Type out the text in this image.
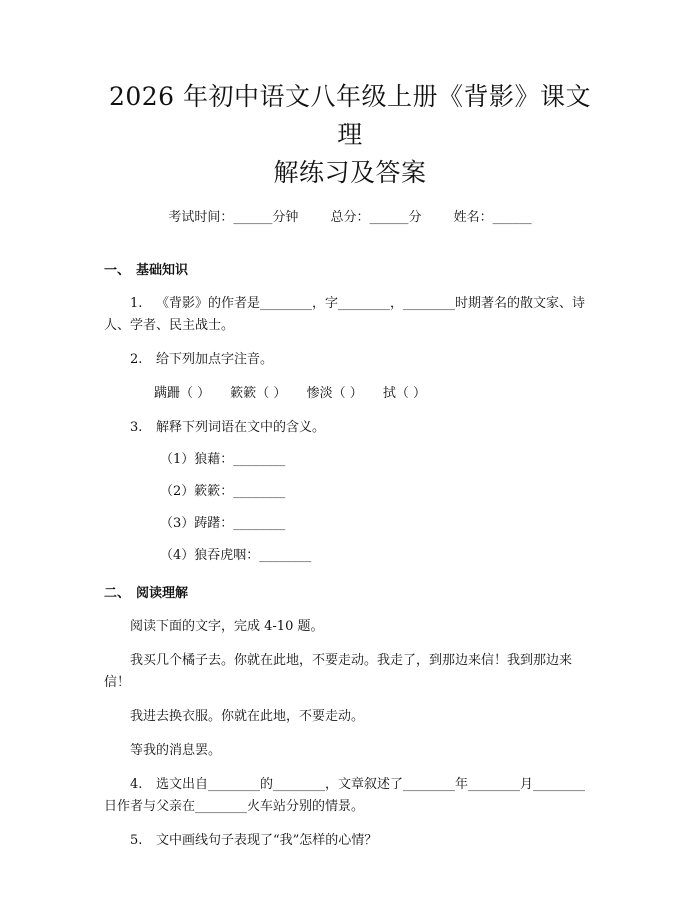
2026 年初中语文八年级上册《背影》课文理
解练习及答案
考试时间：______分钟 总分：______分 姓名：______
一、 基础知识
1. 《背影》的作者是________，字________，________时期著名的散文家、诗人、学者、民主战士。
2. 给下列加点字注音。
蹒跚（ ） 簌簌（ ） 惨淡（ ） 拭（ ）
3. 解释下列词语在文中的含义。
（1）狼藉：________
（2）簌簌：________
（3）踌躇：________
（4）狼吞虎咽：________
二、 阅读理解
阅读下面的文字，完成 4-10 题。
我买几个橘子去。你就在此地，不要走动。我走了，到那边来信！我到那边来信！
我进去换衣服。你就在此地，不要走动。
等我的消息罢。
4. 选文出自________的________，文章叙述了________年________月________日作者与父亲在________火车站分别的情景。
5. 文中画线句子表现了“我”怎样的心情？
